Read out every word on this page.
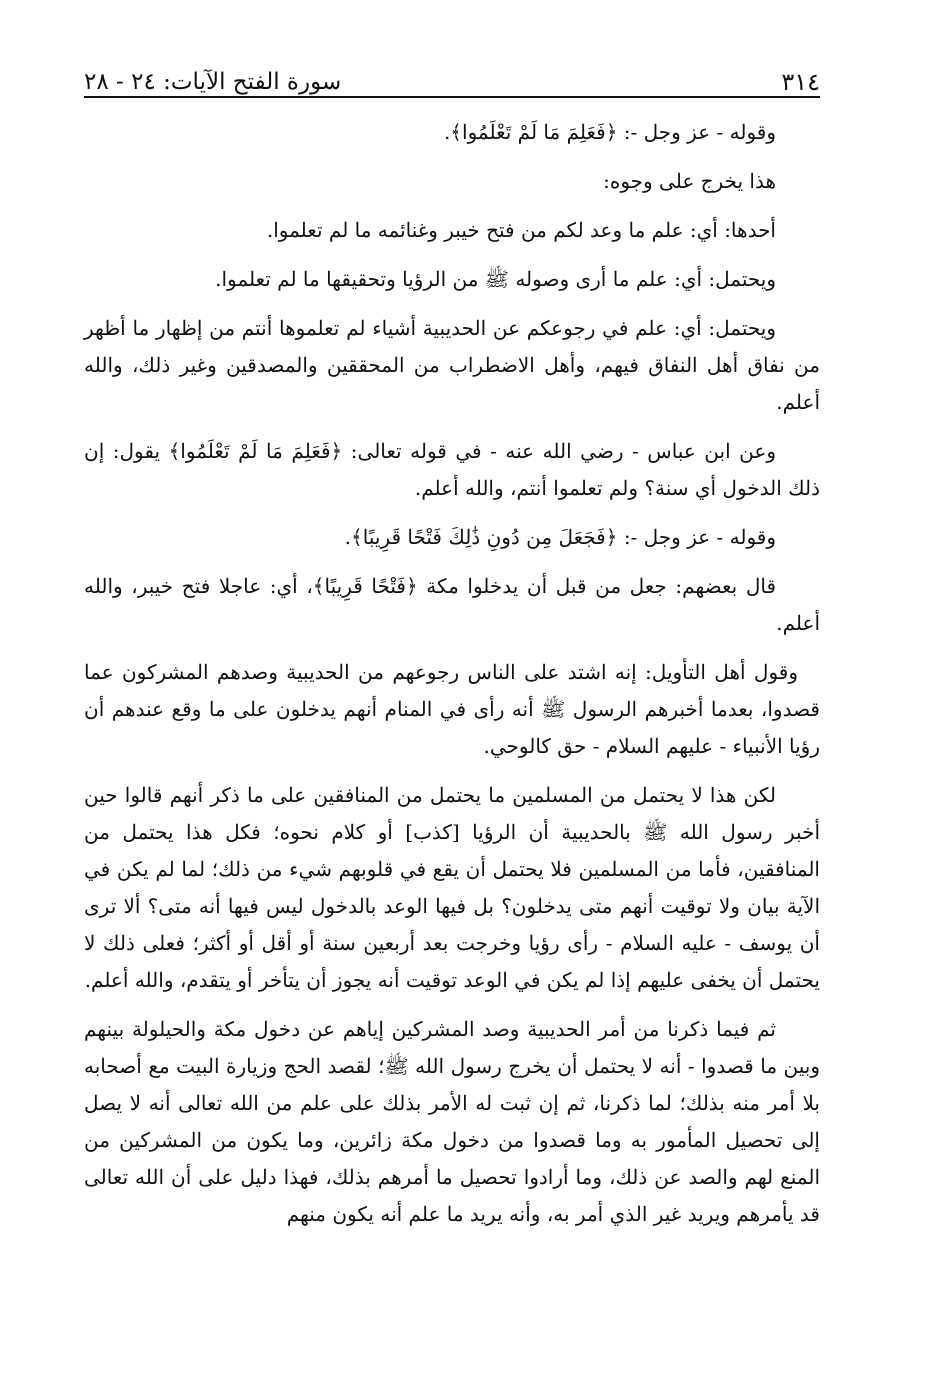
٣١٤
سورة الفتح الآيات: ٢٤ - ٢٨

وقوله - عز وجل -: ﴿فَعَلِمَ مَا لَمْ تَعْلَمُوا﴾.

هذا يخرج على وجوه:

أحدها: أي: علم ما وعد لكم من فتح خيبر وغنائمه ما لم تعلموا.

ويحتمل: أي: علم ما أرى وصوله ﷺ من الرؤيا وتحقيقها ما لم تعلموا.

ويحتمل: أي: علم في رجوعكم عن الحديبية أشياء لم تعلموها أنتم من إظهار ما أظهر من نفاق أهل النفاق فيهم، وأهل الاضطراب من المحققين والمصدقين وغير ذلك، والله أعلم.

وعن ابن عباس - رضي الله عنه - في قوله تعالى: ﴿فَعَلِمَ مَا لَمْ تَعْلَمُوا﴾ يقول: إن ذلك الدخول أي سنة؟ ولم تعلموا أنتم، والله أعلم.

وقوله - عز وجل -: ﴿فَجَعَلَ مِن دُونِ ذَٰلِكَ فَتْحًا قَرِيبًا﴾.

قال بعضهم: جعل من قبل أن يدخلوا مكة ﴿فَتْحًا قَرِيبًا﴾، أي: عاجلا فتح خيبر، والله أعلم.

وقول أهل التأويل: إنه اشتد على الناس رجوعهم من الحديبية وصدهم المشركون عما قصدوا، بعدما أخبرهم الرسول ﷺ أنه رأى في المنام أنهم يدخلون على ما وقع عندهم أن رؤيا الأنبياء - عليهم السلام - حق كالوحي.

لكن هذا لا يحتمل من المسلمين ما يحتمل من المنافقين على ما ذكر أنهم قالوا حين أخبر رسول الله ﷺ بالحديبية أن الرؤيا [كذب] أو كلام نحوه؛ فكل هذا يحتمل من المنافقين، فأما من المسلمين فلا يحتمل أن يقع في قلوبهم شيء من ذلك؛ لما لم يكن في الآية بيان ولا توقيت أنهم متى يدخلون؟ بل فيها الوعد بالدخول ليس فيها أنه متى؟ ألا ترى أن يوسف - عليه السلام - رأى رؤيا وخرجت بعد أربعين سنة أو أقل أو أكثر؛ فعلى ذلك لا يحتمل أن يخفى عليهم إذا لم يكن في الوعد توقيت أنه يجوز أن يتأخر أو يتقدم، والله أعلم.

ثم فيما ذكرنا من أمر الحديبية وصد المشركين إياهم عن دخول مكة والحيلولة بينهم وبين ما قصدوا - أنه لا يحتمل أن يخرج رسول الله ﷺ؛ لقصد الحج وزيارة البيت مع أصحابه بلا أمر منه بذلك؛ لما ذكرنا، ثم إن ثبت له الأمر بذلك على علم من الله تعالى أنه لا يصل إلى تحصيل المأمور به وما قصدوا من دخول مكة زائرين، وما يكون من المشركين من المنع لهم والصد عن ذلك، وما أرادوا تحصيل ما أمرهم بذلك، فهذا دليل على أن الله تعالى قد يأمرهم ويريد غير الذي أمر به، وأنه يريد ما علم أنه يكون منهم
